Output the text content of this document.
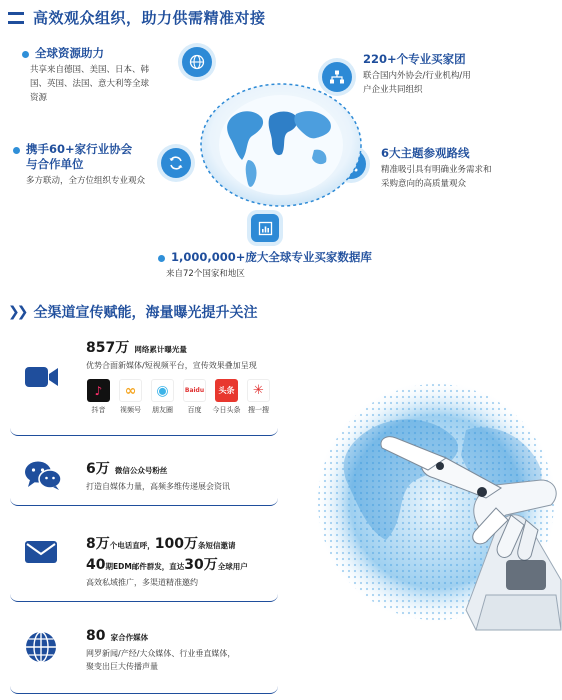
高效观众组织，助力供需精准对接
全球资源助力
共享来自德国、美国、日本、韩
国、英国、法国、意大利等全球
资源
220+个专业买家团
联合国内外协会/行业机构/用
户企业共同组织
携手60+家行业协会
与合作单位
多方联动，全方位组织专业观众
6大主题参观路线
精准吸引具有明确业务需求和
采购意向的高质量观众
1,000,000+庞大全球专业买家数据库
来自72个国家和地区
❯❯ 全渠道宣传赋能，海量曝光提升关注
857万 网络累计曝光量
优势合面新媒体/短视频平台，宣传效果叠加呈现
♪
抖音
∞
视频号
◉
朋友圈
Baidu
百度
头条
今日头条
✳
搜一搜
6万 微信公众号粉丝
打造自媒体力量，高频多维传递展会资讯
8万个电话直呼，100万条短信邀请
40期EDM邮件群发，直达30万全球用户
高效私域推广，多渠道精准邀约
80 家合作媒体
网罗新闻/产经/大众媒体、行业垂直媒体，
聚变出巨大传播声量
